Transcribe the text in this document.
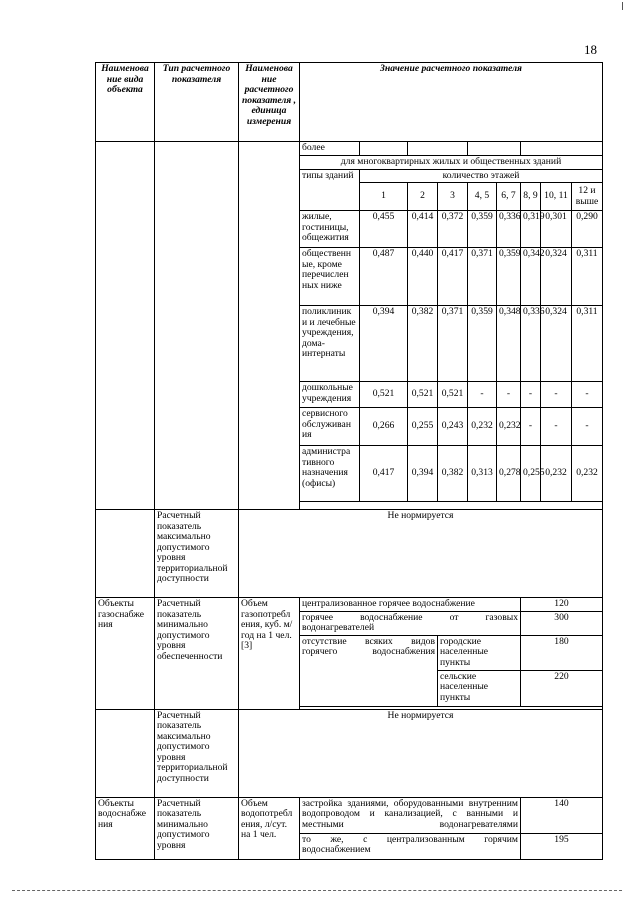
18
Наименова ние вида объекта	Тип расчетного показателя	Наименова ние расчетного показателя , единица измерения	Значение расчетного показателя								
			более								
			для многоквартирных жилых и общественных зданий								
			типы зданий	количество этажей							
				1	2	3	4, 5	6, 7	8, 9	10, 11	12 и выше
			жилые, гостиницы, общежития	0,455	0,414	0,372	0,359	0,336	0,319	0,301	0,290
			общественн ые, кроме перечислен ных ниже	0,487	0,440	0,417	0,371	0,359	0,342	0,324	0,311
			поликлиник и и лечебные учреждения, дома- интернаты	0,394	0,382	0,371	0,359	0,348	0,336	0,324	0,311
			дошкольные учреждения	0,521	0,521	0,521	-	-	-	-	-
			сервисного обслуживан ия	0,266	0,255	0,243	0,232	0,232	-	-	-
			администра тивного назначения (офисы)	0,417	0,394	0,382	0,313	0,278	0,255	0,232	0,232

	Расчетный показатель максимально допустимого уровня территориальной доступности	Не нормируется									
Объекты газоснабже ния	Расчетный показатель минимально допустимого уровня обеспеченности	Объем газопотребл ения, куб. м/год на 1 чел. [3]	централизованное горячее водоснабжение						120		
			горячее водоснабжение от газовых водонагревателей						300		
			отсутствие всяких видов горячего водоснабжения			городские населенные пункты			180		
						сельские населенные пункты			220		

	Расчетный показатель максимально допустимого уровня территориальной доступности	Не нормируется									
Объекты водоснабже ния	Расчетный показатель минимально допустимого уровня	Объем водопотребл ения, л/сут. на 1 чел.	застройка зданиями, оборудованными внутренним водопроводом и канализацией, с ванными и местными водонагревателями						140		
			то же, с централизованным горячим водоснабжением						195		
